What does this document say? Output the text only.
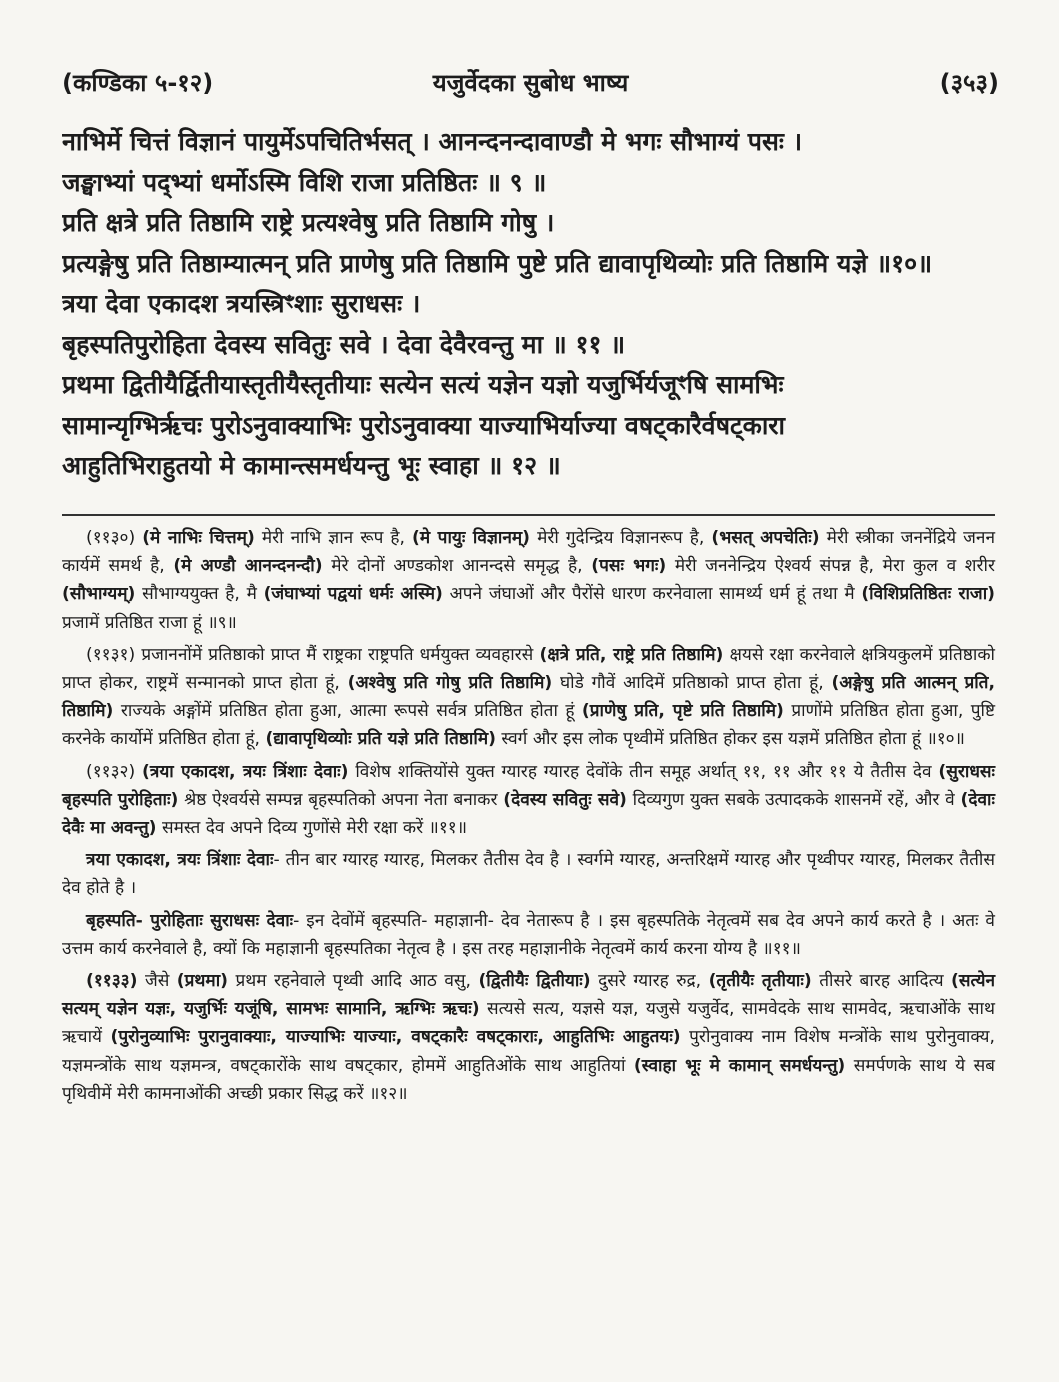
(कण्डिका ५-१२)	यजुर्वेदका सुबोध भाष्य	(३५३)
नाभिर्मे चित्तं विज्ञानं पायुर्मेऽपचितिर्भसत् । आनन्दनन्दावाण्डौ मे भगः सौभाग्यं पसः ।
जङ्घाभ्यां पद्भ्यां धर्मोऽस्मि विशि राजा प्रतिष्ठितः ॥ ९ ॥
प्रति क्षत्रे प्रति तिष्ठामि राष्ट्रे प्रत्यश्वेषु प्रति तिष्ठामि गोषु ।
प्रत्यङ्गेषु प्रति तिष्ठाम्यात्मन् प्रति प्राणेषु प्रति तिष्ठामि पुष्टे प्रति द्यावापृथिव्योः प्रति तिष्ठामि यज्ञे ॥१०॥
त्रया देवा एकादश त्रयस्त्रिꣳशाः सुराधसः ।
बृहस्पतिपुरोहिता देवस्य सवितुः सवे । देवा देवैरवन्तु मा ॥ ११ ॥
प्रथमा द्वितीयैर्द्वितीयास्तृतीयैस्तृतीयाः सत्येन सत्यं यज्ञेन यज्ञो यजुर्भिर्यजूꣳषि सामभिः
सामान्यृग्भिर्ऋचः पुरोऽनुवाक्याभिः पुरोऽनुवाक्या याज्याभिर्याज्या वषट्कारैर्वषट्कारा
आहुतिभिराहुतयो मे कामान्त्समर्धयन्तु भूः स्वाहा ॥ १२ ॥

(११३०) (मे नाभिः चित्तम्) मेरी नाभि ज्ञान रूप है, (मे पायुः विज्ञानम्) मेरी गुदेन्द्रिय विज्ञानरूप है, (भसत् अपचेतिः) मेरी स्त्रीका जननेंद्रिये जनन कार्यमें समर्थ है, (मे अण्डौ आनन्दनन्दौ) मेरे दोनों अण्डकोश आनन्दसे समृद्ध है, (पसः भगः) मेरी जननेन्द्रिय ऐश्वर्य संपन्न है, मेरा कुल व शरीर (सौभाग्यम्) सौभाग्ययुक्त है, मै (जंघाभ्यां पद्वयां धर्मः अस्मि) अपने जंघाओं और पैरोंसे धारण करनेवाला सामर्थ्य धर्म हूं तथा मै (विशिप्रतिष्ठितः राजा) प्रजामें प्रतिष्ठित राजा हूं ॥९॥

(११३१) प्रजाननोंमें प्रतिष्ठाको प्राप्त मैं राष्ट्रका राष्ट्रपति धर्मयुक्त व्यवहारसे (क्षत्रे प्रति, राष्ट्रे प्रति तिष्ठामि) क्षयसे रक्षा करनेवाले क्षत्रियकुलमें प्रतिष्ठाको प्राप्त होकर, राष्ट्रमें सन्मानको प्राप्त होता हूं, (अश्वेषु प्रति गोषु प्रति तिष्ठामि) घोडे गौवें आदिमें प्रतिष्ठाको प्राप्त होता हूं, (अङ्गेषु प्रति आत्मन् प्रति, तिष्ठामि) राज्यके अङ्गोंमें प्रतिष्ठित होता हुआ, आत्मा रूपसे सर्वत्र प्रतिष्ठित होता हूं (प्राणेषु प्रति, पृष्टे प्रति तिष्ठामि) प्राणोंमे प्रतिष्ठित होता हुआ, पुष्टि करनेके कार्योमें प्रतिष्ठित होता हूं, (द्यावापृथिव्योः प्रति यज्ञे प्रति तिष्ठामि) स्वर्ग और इस लोक पृथ्वीमें प्रतिष्ठित होकर इस यज्ञमें प्रतिष्ठित होता हूं ॥१०॥

(११३२) (त्रया एकादश, त्रयः त्रिंशाः देवाः) विशेष शक्तियोंसे युक्त ग्यारह ग्यारह देवोंके तीन समूह अर्थात् ११, ११ और ११ ये तैतीस देव (सुराधसः बृहस्पति पुरोहिताः) श्रेष्ठ ऐश्वर्यसे सम्पन्न बृहस्पतिको अपना नेता बनाकर (देवस्य सवितुः सवे) दिव्यगुण युक्त सबके उत्पादकके शासनमें रहें, और वे (देवाः देवैः मा अवन्तु) समस्त देव अपने दिव्य गुणोंसे मेरी रक्षा करें ॥११॥

त्रया एकादश, त्रयः त्रिंशाः देवाः- तीन बार ग्यारह ग्यारह, मिलकर तैतीस देव है । स्वर्गमे ग्यारह, अन्तरिक्षमें ग्यारह और पृथ्वीपर ग्यारह, मिलकर तैतीस देव होते है ।

बृहस्पति- पुरोहिताः सुराधसः देवाः- इन देवोंमें बृहस्पति- महाज्ञानी- देव नेतारूप है । इस बृहस्पतिके नेतृत्वमें सब देव अपने कार्य करते है । अतः वे उत्तम कार्य करनेवाले है, क्यों कि महाज्ञानी बृहस्पतिका नेतृत्व है । इस तरह महाज्ञानीके नेतृत्वमें कार्य करना योग्य है ॥११॥

(११३३) जैसे (प्रथमा) प्रथम रहनेवाले पृथ्वी आदि आठ वसु, (द्वितीयैः द्वितीयाः) दुसरे ग्यारह रुद्र, (तृतीयैः तृतीयाः) तीसरे बारह आदित्य (सत्येन सत्यम् यज्ञेन यज्ञः, यजुर्भिः यजूंषि, सामभः सामानि, ऋग्भिः ऋचः) सत्यसे सत्य, यज्ञसे यज्ञ, यजुसे यजुर्वेद, सामवेदके साथ सामवेद, ऋचाओंके साथ ऋचायें (पुरोनुव्याभिः पुरानुवाक्याः, याज्याभिः याज्याः, वषट्कारैः वषट्काराः, आहुतिभिः आहुतयः) पुरोनुवाक्य नाम विशेष मन्त्रोंके साथ पुरोनुवाक्य, यज्ञमन्त्रोंके साथ यज्ञमन्त्र, वषट्कारोंके साथ वषट्कार, होममें आहुतिओंके साथ आहुतियां (स्वाहा भूः मे कामान् समर्धयन्तु) समर्पणके साथ ये सब पृथिवीमें मेरी कामनाओंकी अच्छी प्रकार सिद्ध करें ॥१२॥
